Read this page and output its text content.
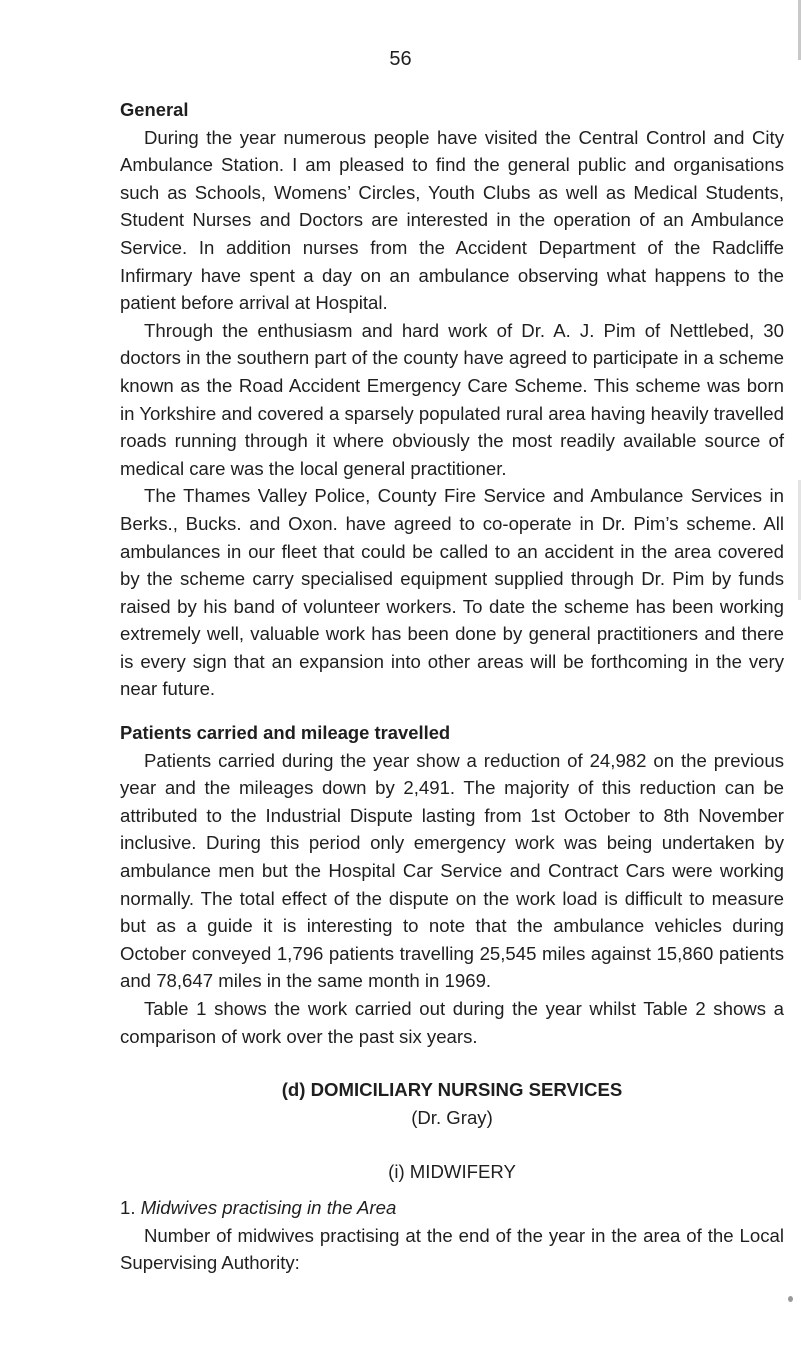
56
General

During the year numerous people have visited the Central Control and City Ambulance Station. I am pleased to find the general public and organisations such as Schools, Womens’ Circles, Youth Clubs as well as Medical Students, Student Nurses and Doctors are interested in the operation of an Ambulance Service. In addition nurses from the Accident Department of the Radcliffe Infirmary have spent a day on an ambulance observing what happens to the patient before arrival at Hospital.

Through the enthusiasm and hard work of Dr. A. J. Pim of Nettlebed, 30 doctors in the southern part of the county have agreed to participate in a scheme known as the Road Accident Emergency Care Scheme. This scheme was born in Yorkshire and covered a sparsely populated rural area having heavily travelled roads running through it where obviously the most readily available source of medical care was the local general practitioner.

The Thames Valley Police, County Fire Service and Ambulance Services in Berks., Bucks. and Oxon. have agreed to co-operate in Dr. Pim’s scheme. All ambulances in our fleet that could be called to an accident in the area covered by the scheme carry specialised equipment supplied through Dr. Pim by funds raised by his band of volunteer workers. To date the scheme has been working extremely well, valuable work has been done by general practitioners and there is every sign that an expansion into other areas will be forthcoming in the very near future.

Patients carried and mileage travelled

Patients carried during the year show a reduction of 24,982 on the previous year and the mileages down by 2,491. The majority of this reduction can be attributed to the Industrial Dispute lasting from 1st October to 8th November inclusive. During this period only emergency work was being undertaken by ambulance men but the Hospital Car Service and Contract Cars were working normally. The total effect of the dispute on the work load is difficult to measure but as a guide it is interesting to note that the ambulance vehicles during October conveyed 1,796 patients travelling 25,545 miles against 15,860 patients and 78,647 miles in the same month in 1969.

Table 1 shows the work carried out during the year whilst Table 2 shows a comparison of work over the past six years.

(d) DOMICILIARY NURSING SERVICES
(Dr. Gray)
(i) MIDWIFERY

1. Midwives practising in the Area

Number of midwives practising at the end of the year in the area of the Local Supervising Authority:
